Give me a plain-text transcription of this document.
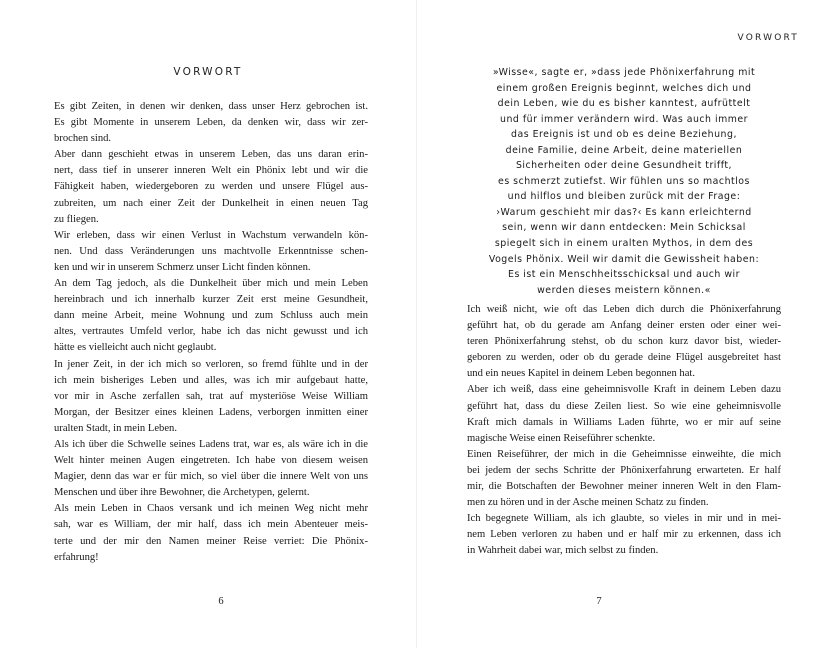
VORWORT
Es gibt Zeiten, in denen wir denken, dass unser Herz gebrochen ist.
Es gibt Momente in unserem Leben, da denken wir, dass wir zer-
brochen sind.
Aber dann geschieht etwas in unserem Leben, das uns daran erin-
nert, dass tief in unserer inneren Welt ein Phönix lebt und wir die
Fähigkeit haben, wiedergeboren zu werden und unsere Flügel aus-
zubreiten, um nach einer Zeit der Dunkelheit in einen neuen Tag
zu fliegen.
Wir erleben, dass wir einen Verlust in Wachstum verwandeln kön-
nen. Und dass Veränderungen uns machtvolle Erkenntnisse schen-
ken und wir in unserem Schmerz unser Licht finden können.
An dem Tag jedoch, als die Dunkelheit über mich und mein Leben
hereinbrach und ich innerhalb kurzer Zeit erst meine Gesundheit,
dann meine Arbeit, meine Wohnung und zum Schluss auch mein
altes, vertrautes Umfeld verlor, habe ich das nicht gewusst und ich
hätte es vielleicht auch nicht geglaubt.
In jener Zeit, in der ich mich so verloren, so fremd fühlte und in der
ich mein bisheriges Leben und alles, was ich mir aufgebaut hatte,
vor mir in Asche zerfallen sah, trat auf mysteriöse Weise William
Morgan, der Besitzer eines kleinen Ladens, verborgen inmitten einer
uralten Stadt, in mein Leben.
Als ich über die Schwelle seines Ladens trat, war es, als wäre ich in die
Welt hinter meinen Augen eingetreten. Ich habe von diesem weisen
Magier, denn das war er für mich, so viel über die innere Welt von uns
Menschen und über ihre Bewohner, die Archetypen, gelernt.
Als mein Leben in Chaos versank und ich meinen Weg nicht mehr
sah, war es William, der mir half, dass ich mein Abenteuer meis-
terte und der mir den Namen meiner Reise verriet: Die Phönix-
erfahrung!
6
VORWORT
»Wisse«, sagte er, »dass jede Phönixerfahrung mit
einem großen Ereignis beginnt, welches dich und
dein Leben, wie du es bisher kanntest, aufrüttelt
und für immer verändern wird. Was auch immer
das Ereignis ist und ob es deine Beziehung,
deine Familie, deine Arbeit, deine materiellen
Sicherheiten oder deine Gesundheit trifft,
es schmerzt zutiefst. Wir fühlen uns so machtlos
und hilflos und bleiben zurück mit der Frage:
›Warum geschieht mir das?‹ Es kann erleichternd
sein, wenn wir dann entdecken: Mein Schicksal
spiegelt sich in einem uralten Mythos, in dem des
Vogels Phönix. Weil wir damit die Gewissheit haben:
Es ist ein Menschheitsschicksal und auch wir
werden dieses meistern können.«
Ich weiß nicht, wie oft das Leben dich durch die Phönixerfahrung
geführt hat, ob du gerade am Anfang deiner ersten oder einer wei-
teren Phönixerfahrung stehst, ob du schon kurz davor bist, wieder-
geboren zu werden, oder ob du gerade deine Flügel ausgebreitet hast
und ein neues Kapitel in deinem Leben begonnen hat.
Aber ich weiß, dass eine geheimnisvolle Kraft in deinem Leben dazu
geführt hat, dass du diese Zeilen liest. So wie eine geheimnisvolle
Kraft mich damals in Williams Laden führte, wo er mir auf seine
magische Weise einen Reiseführer schenkte.
Einen Reiseführer, der mich in die Geheimnisse einweihte, die mich
bei jedem der sechs Schritte der Phönixerfahrung erwarteten. Er half
mir, die Botschaften der Bewohner meiner inneren Welt in den Flam-
men zu hören und in der Asche meinen Schatz zu finden.
Ich begegnete William, als ich glaubte, so vieles in mir und in mei-
nem Leben verloren zu haben und er half mir zu erkennen, dass ich
in Wahrheit dabei war, mich selbst zu finden.
7
